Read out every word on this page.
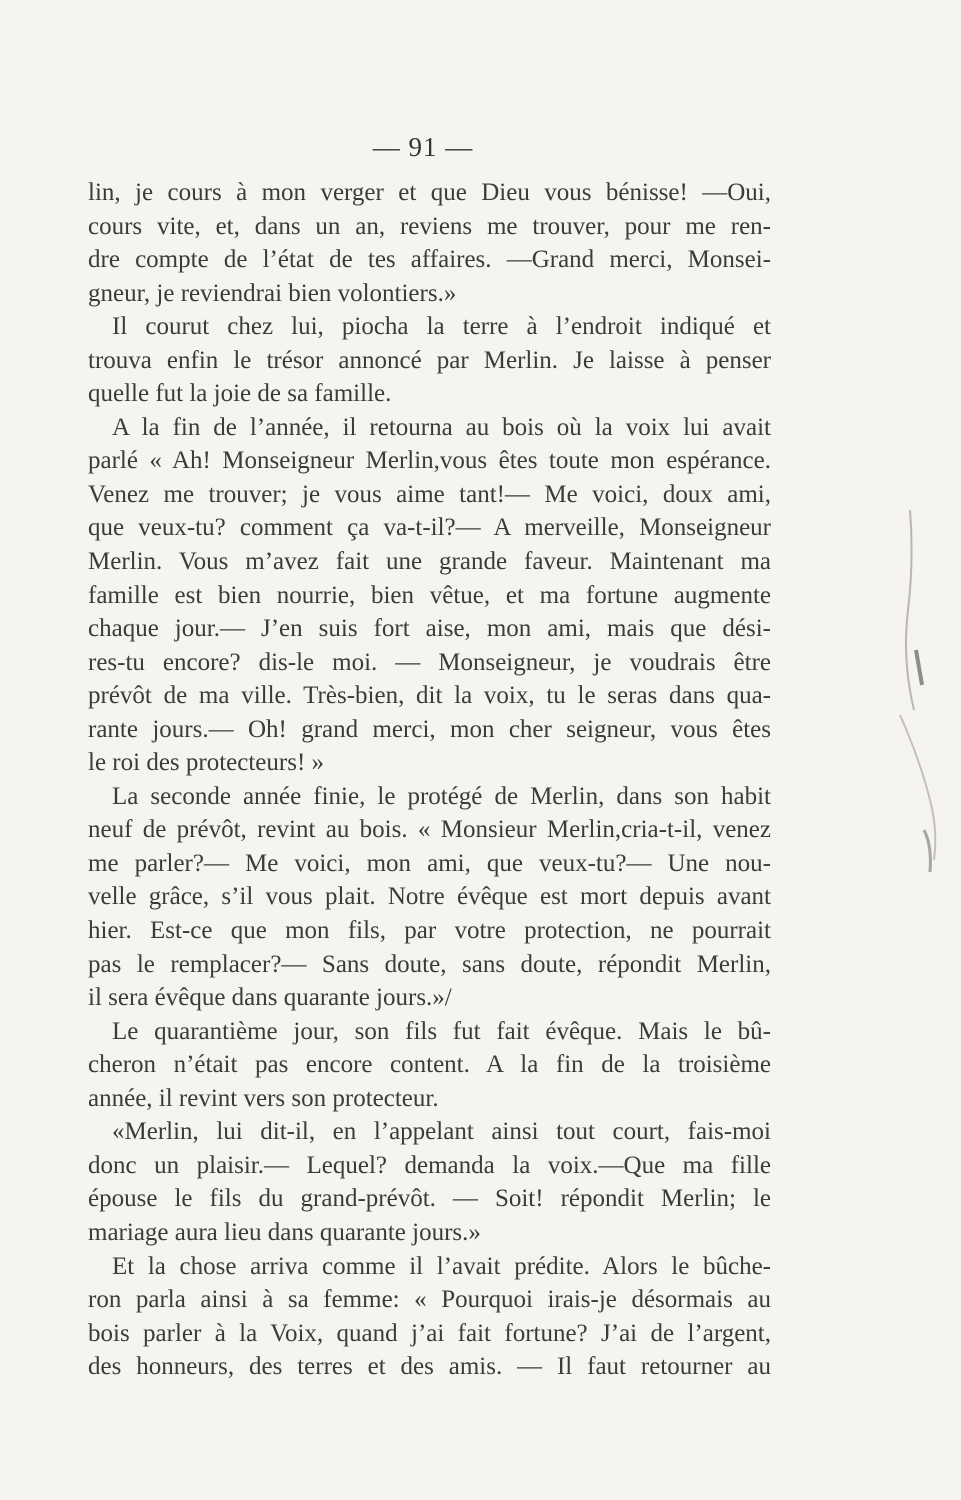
— 91 —
lin, je cours à mon verger et que Dieu vous bénisse! —Oui,
cours vite, et, dans un an, reviens me trouver, pour me ren-
dre compte de l’état de tes affaires. —Grand merci, Monsei-
gneur, je reviendrai bien volontiers.»
Il courut chez lui, piocha la terre à l’endroit indiqué et
trouva enfin le trésor annoncé par Merlin. Je laisse à penser
quelle fut la joie de sa famille.
A la fin de l’année, il retourna au bois où la voix lui avait
parlé « Ah! Monseigneur Merlin,vous êtes toute mon espérance.
Venez me trouver; je vous aime tant!— Me voici, doux ami,
que veux-tu? comment ça va-t-il?— A merveille, Monseigneur
Merlin. Vous m’avez fait une grande faveur. Maintenant ma
famille est bien nourrie, bien vêtue, et ma fortune augmente
chaque jour.— J’en suis fort aise, mon ami, mais que dési-
res-tu encore? dis-le moi. — Monseigneur, je voudrais être
prévôt de ma ville. Très-bien, dit la voix, tu le seras dans qua-
rante jours.— Oh! grand merci, mon cher seigneur, vous êtes
le roi des protecteurs! »
La seconde année finie, le protégé de Merlin, dans son habit
neuf de prévôt, revint au bois. « Monsieur Merlin,cria-t-il, venez
me parler?— Me voici, mon ami, que veux-tu?— Une nou-
velle grâce, s’il vous plait. Notre évêque est mort depuis avant
hier. Est-ce que mon fils, par votre protection, ne pourrait
pas le remplacer?— Sans doute, sans doute, répondit Merlin,
il sera évêque dans quarante jours.»/
Le quarantième jour, son fils fut fait évêque. Mais le bû-
cheron n’était pas encore content. A la fin de la troisième
année, il revint vers son protecteur.
«Merlin, lui dit-il, en l’appelant ainsi tout court, fais-moi
donc un plaisir.— Lequel? demanda la voix.—Que ma fille
épouse le fils du grand-prévôt. — Soit! répondit Merlin; le
mariage aura lieu dans quarante jours.»
Et la chose arriva comme il l’avait prédite. Alors le bûche-
ron parla ainsi à sa femme: « Pourquoi irais-je désormais au
bois parler à la Voix, quand j’ai fait fortune? J’ai de l’argent,
des honneurs, des terres et des amis. — Il faut retourner au
